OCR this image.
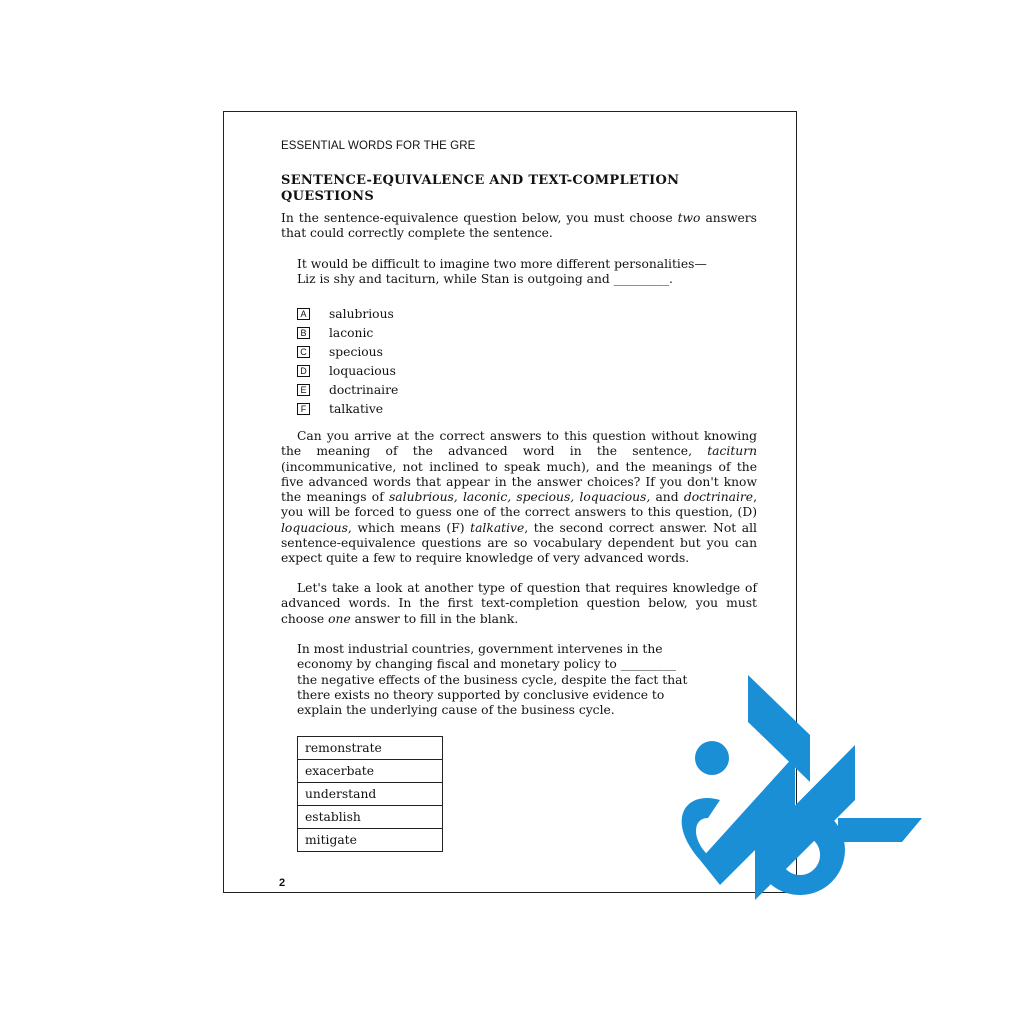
ESSENTIAL WORDS FOR THE GRE
SENTENCE-EQUIVALENCE AND TEXT-COMPLETION QUESTIONS

In the sentence-equivalence question below, you must choose two answers that could correctly complete the sentence.

It would be difficult to imagine two more different personalities—
Liz is shy and taciturn, while Stan is outgoing and _________.
A salubrious
B laconic
C specious
D loquacious
E doctrinaire
F	talkative

Can you arrive at the correct answers to this question without knowing the meaning of the advanced word in the sentence, taciturn (incommunicative, not inclined to speak much), and the meanings of the five advanced words that appear in the answer choices? If you don't know the meanings of salubrious, laconic, specious, loquacious, and doctrinaire, you will be forced to guess one of the correct answers to this question, (D) loquacious, which means (F) talkative, the second correct answer. Not all sentence-equivalence questions are so vocabulary dependent but you can expect quite a few to require knowledge of very advanced words.

Let's take a look at another type of question that requires knowledge of advanced words. In the first text-completion question below, you must choose one answer to fill in the blank.

In most industrial countries, government intervenes in the
economy by changing fiscal and monetary policy to _________
the negative effects of the business cycle, despite the fact that
there exists no theory supported by conclusive evidence to
explain the underlying cause of the business cycle.
remonstrate
exacerbate
understand
establish
mitigate
2
